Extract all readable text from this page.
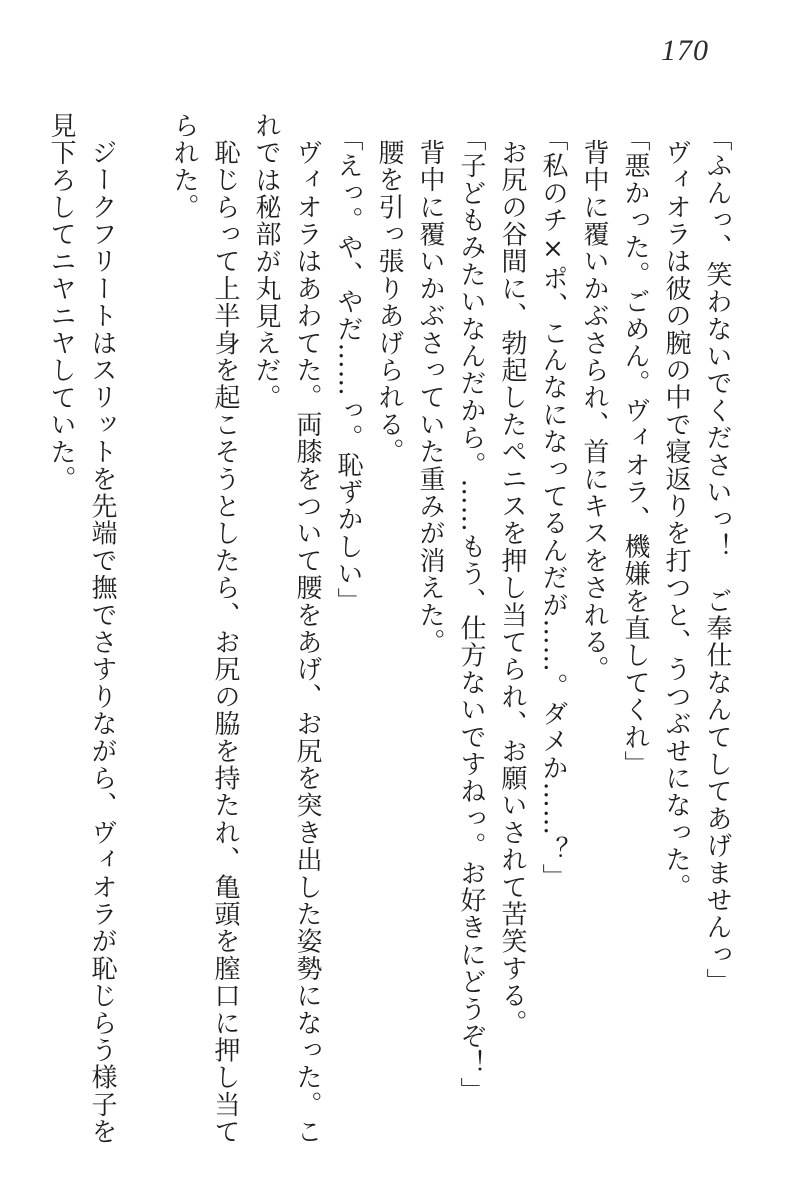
170

「ふんっ、笑わないでくださいっ！　ご奉仕なんてしてあげませんっ」

ヴィオラは彼の腕の中で寝返りを打つと、うつぶせになった。

「悪かった。ごめん。ヴィオラ、機嫌を直してくれ」

背中に覆いかぶさられ、首にキスをされる。

「私のチ×ポ、こんなになってるんだが……。ダメか……？」

お尻の谷間に、勃起したペニスを押し当てられ、お願いされて苦笑する。

「子どもみたいなんだから。……もう、仕方ないですねっ。お好きにどうぞ！」

背中に覆いかぶさっていた重みが消えた。

腰を引っ張りあげられる。

「えっ。や、やだ……っ。恥ずかしい」

ヴィオラはあわてた。両膝をついて腰をあげ、お尻を突き出した姿勢になった。これでは秘部が丸見えだ。

恥じらって上半身を起こそうとしたら、お尻の脇を持たれ、亀頭を膣口に押し当てられた。

ジークフリートはスリットを先端で撫でさすりながら、ヴィオラが恥じらう様子を見下ろしてニヤニヤしていた。
